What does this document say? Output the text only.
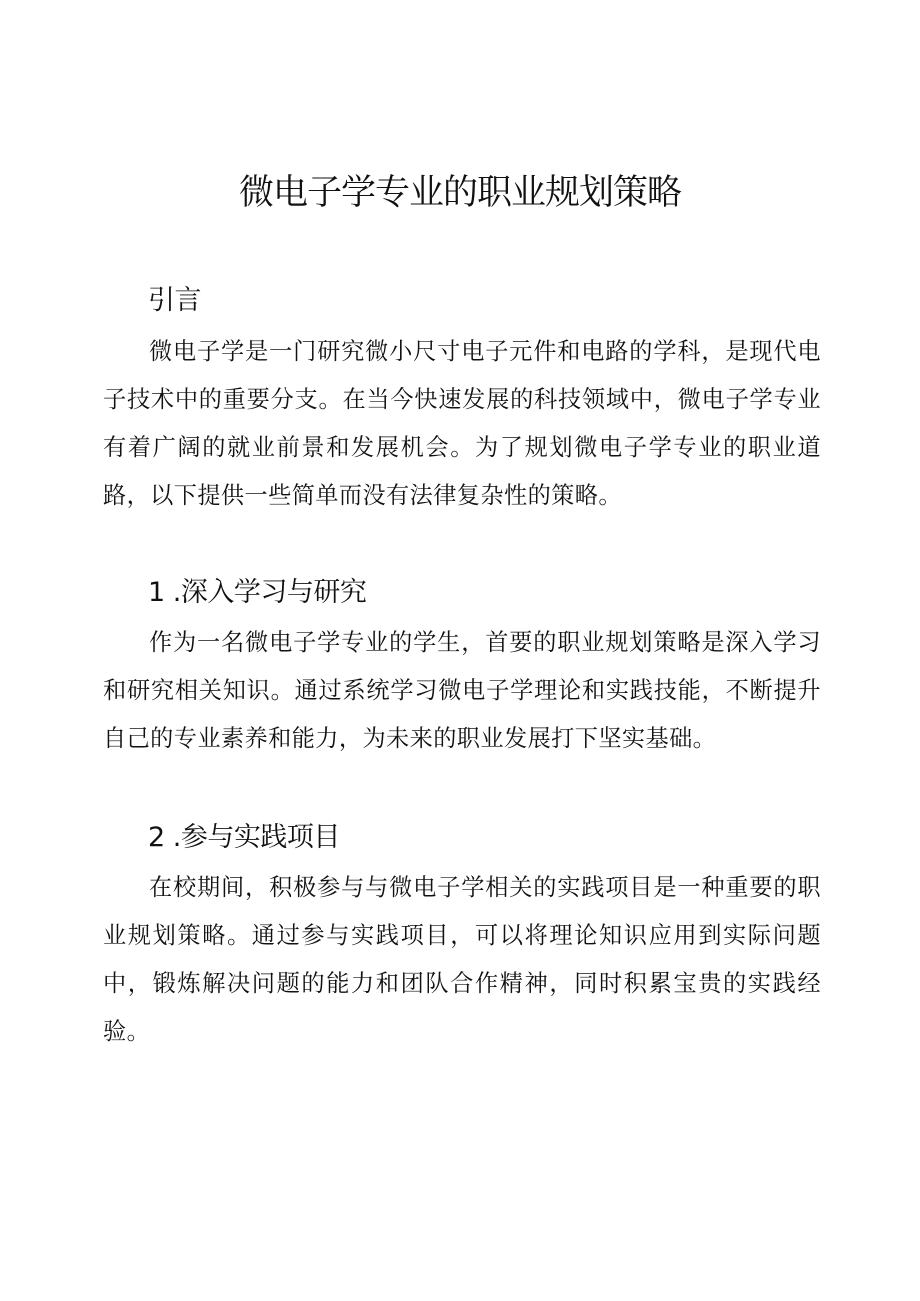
微电子学专业的职业规划策略
引言

微电子学是一门研究微小尺寸电子元件和电路的学科，是现代电子技术中的重要分支。在当今快速发展的科技领域中，微电子学专业有着广阔的就业前景和发展机会。为了规划微电子学专业的职业道路，以下提供一些简单而没有法律复杂性的策略。

1 .深入学习与研究

作为一名微电子学专业的学生，首要的职业规划策略是深入学习和研究相关知识。通过系统学习微电子学理论和实践技能，不断提升自己的专业素养和能力，为未来的职业发展打下坚实基础。

2 .参与实践项目

在校期间，积极参与与微电子学相关的实践项目是一种重要的职业规划策略。通过参与实践项目，可以将理论知识应用到实际问题中，锻炼解决问题的能力和团队合作精神，同时积累宝贵的实践经验。
